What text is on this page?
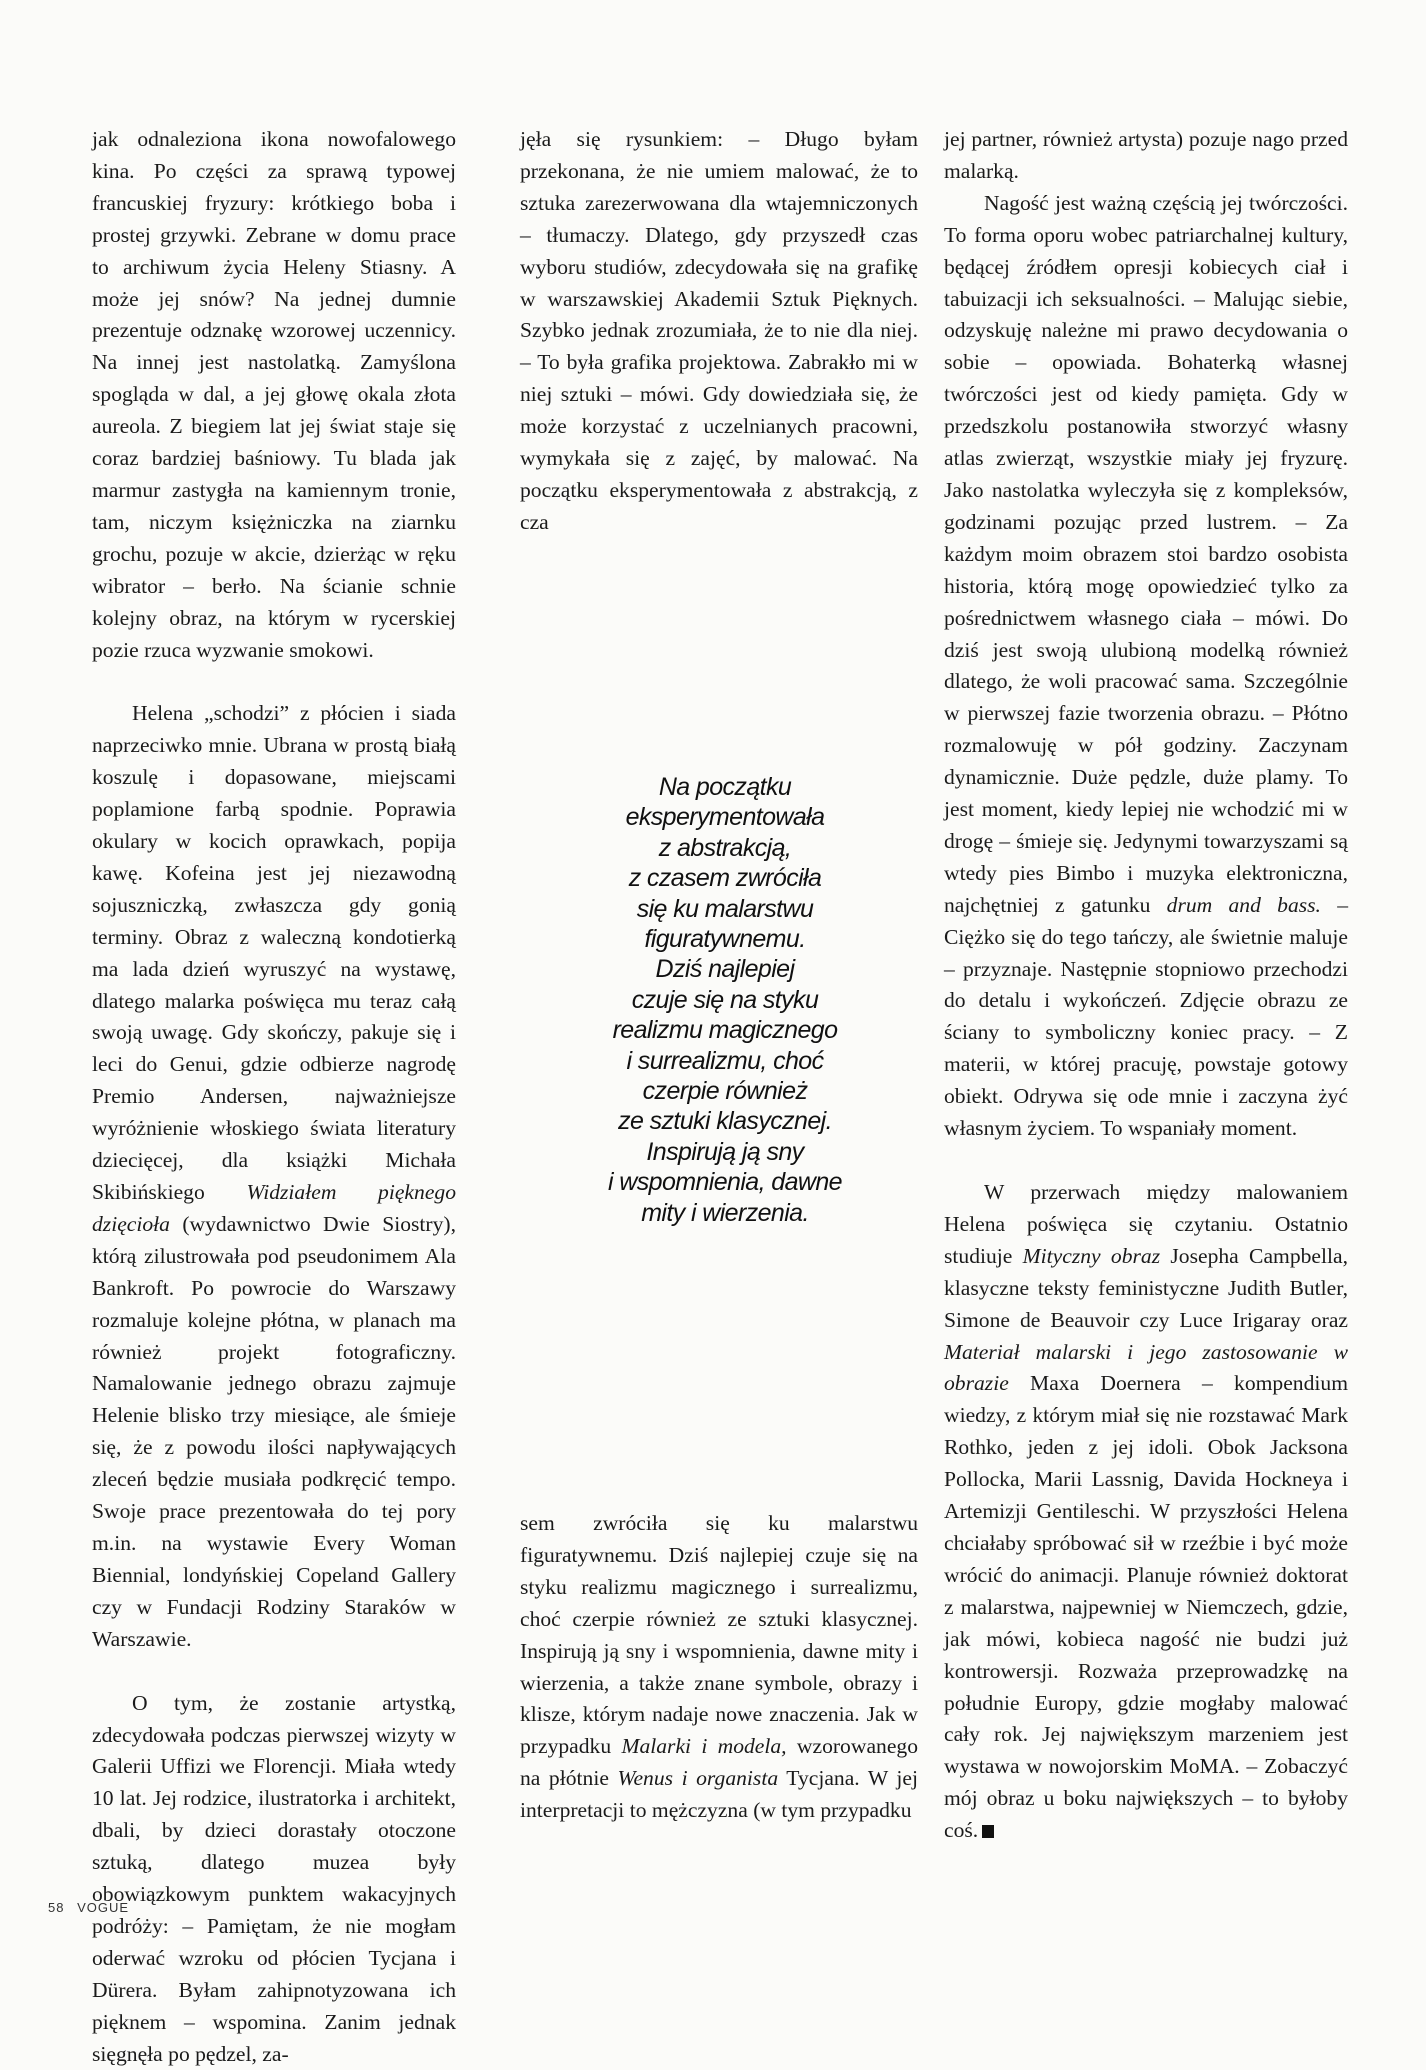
jak odnaleziona ikona nowofalowego kina. Po części za sprawą typowej francuskiej fryzury: krótkiego boba i prostej grzywki. Zebrane w domu prace to archiwum życia Heleny Stiasny. A może jej snów? Na jednej dumnie prezentuje odznakę wzorowej uczennicy. Na innej jest nastolatką. Zamyślona spogląda w dal, a jej głowę okala złota aureola. Z biegiem lat jej świat staje się coraz bardziej baśniowy. Tu blada jak marmur zastygła na kamiennym tronie, tam, niczym księżniczka na ziarnku grochu, pozuje w akcie, dzierżąc w ręku wibrator – berło. Na ścianie schnie kolejny obraz, na którym w rycerskiej pozie rzuca wyzwanie smokowi.

Helena „schodzi” z płócien i siada naprzeciwko mnie. Ubrana w prostą białą koszulę i dopasowane, miejscami poplamione farbą spodnie. Poprawia okulary w kocich oprawkach, popija kawę. Kofeina jest jej niezawodną sojuszniczką, zwłaszcza gdy gonią terminy. Obraz z waleczną kondotierką ma lada dzień wyruszyć na wystawę, dlatego malarka poświęca mu teraz całą swoją uwagę. Gdy skończy, pakuje się i leci do Genui, gdzie odbierze nagrodę Premio Andersen, najważniejsze wyróżnienie włoskiego świata literatury dziecięcej, dla książki Michała Skibińskiego Widziałem pięknego dzięcioła (wydawnictwo Dwie Siostry), którą zilustrowała pod pseudonimem Ala Bankroft. Po powrocie do Warszawy rozmaluje kolejne płótna, w planach ma również projekt fotograficzny. Namalowanie jednego obrazu zajmuje Helenie blisko trzy miesiące, ale śmieje się, że z powodu ilości napływających zleceń będzie musiała podkręcić tempo. Swoje prace prezentowała do tej pory m.in. na wystawie Every Woman Biennial, londyńskiej Copeland Gallery czy w Fundacji Rodziny Staraków w Warszawie.

O tym, że zostanie artystką, zdecydowała podczas pierwszej wizyty w Galerii Uffizi we Florencji. Miała wtedy 10 lat. Jej rodzice, ilustratorka i architekt, dbali, by dzieci dorastały otoczone sztuką, dlatego muzea były obowiązkowym punktem wakacyjnych podróży: – Pamiętam, że nie mogłam oderwać wzroku od płócien Tycjana i Dürera. Byłam zahipnotyzowana ich pięknem – wspomina. Zanim jednak sięgnęła po pędzel, za-

jęła się rysunkiem: – Długo byłam przekonana, że nie umiem malować, że to sztuka zarezerwowana dla wtajemniczonych – tłumaczy. Dlatego, gdy przyszedł czas wyboru studiów, zdecydowała się na grafikę w warszawskiej Akademii Sztuk Pięknych. Szybko jednak zrozumiała, że to nie dla niej. – To była grafika projektowa. Zabrakło mi w niej sztuki – mówi. Gdy dowiedziała się, że może korzystać z uczelnianych pracowni, wymykała się z zajęć, by malować. Na początku eksperymentowała z abstrakcją, z cza

Na początku

eksperymentowała

z abstrakcją,

z czasem zwróciła

się ku malarstwu

figuratywnemu.

Dziś najlepiej

czuje się na styku

realizmu magicznego

i surrealizmu, choć

czerpie również

ze sztuki klasycznej.

Inspirują ją sny

i wspomnienia, dawne

mity i wierzenia.

sem zwróciła się ku malarstwu figuratywnemu. Dziś najlepiej czuje się na styku realizmu magicznego i surrealizmu, choć czerpie również ze sztuki klasycznej. Inspirują ją sny i wspomnienia, dawne mity i wierzenia, a także znane symbole, obrazy i klisze, którym nadaje nowe znaczenia. Jak w przypadku Malarki i modela, wzorowanego na płótnie Wenus i organista Tycjana. W jej interpretacji to mężczyzna (w tym przypadku

jej partner, również artysta) pozuje nago przed malarką.

Nagość jest ważną częścią jej twórczości. To forma oporu wobec patriarchalnej kultury, będącej źródłem opresji kobiecych ciał i tabuizacji ich seksualności. – Malując siebie, odzyskuję należne mi prawo decydowania o sobie – opowiada. Bohaterką własnej twórczości jest od kiedy pamięta. Gdy w przedszkolu postanowiła stworzyć własny atlas zwierząt, wszystkie miały jej fryzurę. Jako nastolatka wyleczyła się z kompleksów, godzinami pozując przed lustrem. – Za każdym moim obrazem stoi bardzo osobista historia, którą mogę opowiedzieć tylko za pośrednictwem własnego ciała – mówi. Do dziś jest swoją ulubioną modelką również dlatego, że woli pracować sama. Szczególnie w pierwszej fazie tworzenia obrazu. – Płótno rozmalowuję w pół godziny. Zaczynam dynamicznie. Duże pędzle, duże plamy. To jest moment, kiedy lepiej nie wchodzić mi w drogę – śmieje się. Jedynymi towarzyszami są wtedy pies Bimbo i muzyka elektroniczna, najchętniej z gatunku drum and bass. – Ciężko się do tego tańczy, ale świetnie maluje – przyznaje. Następnie stopniowo przechodzi do detalu i wykończeń. Zdjęcie obrazu ze ściany to symboliczny koniec pracy. – Z materii, w której pracuję, powstaje gotowy obiekt. Odrywa się ode mnie i zaczyna żyć własnym życiem. To wspaniały moment.

W przerwach między malowaniem Helena poświęca się czytaniu. Ostatnio studiuje Mityczny obraz Josepha Campbella, klasyczne teksty feministyczne Judith Butler, Simone de Beauvoir czy Luce Irigaray oraz Materiał malarski i jego zastosowanie w obrazie Maxa Doernera – kompendium wiedzy, z którym miał się nie rozstawać Mark Rothko, jeden z jej idoli. Obok Jacksona Pollocka, Marii Lassnig, Davida Hockneya i Artemizji Gentileschi. W przyszłości Helena chciałaby spróbować sił w rzeźbie i być może wrócić do animacji. Planuje również doktorat z malarstwa, najpewniej w Niemczech, gdzie, jak mówi, kobieca nagość nie budzi już kontrowersji. Rozważa przeprowadzkę na południe Europy, gdzie mogłaby malować cały rok. Jej największym marzeniem jest wystawa w nowojorskim MoMA. – Zobaczyć mój obraz u boku największych – to byłoby coś.

58 VOGUE
